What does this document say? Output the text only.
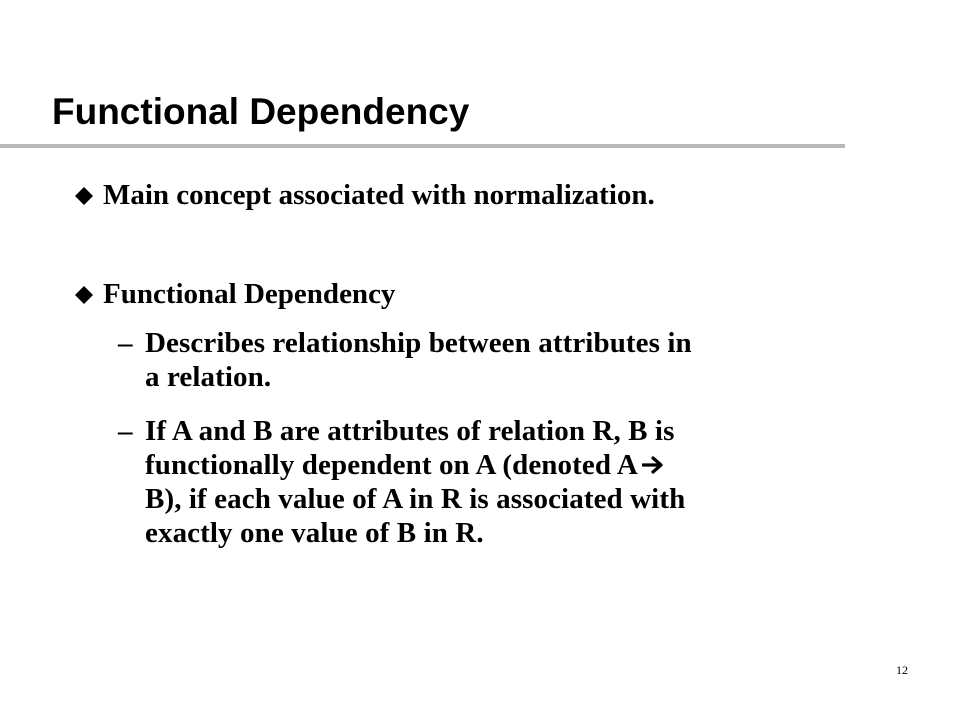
Functional Dependency
Main concept associated with normalization.
Functional Dependency
– Describes relationship between attributes in
a relation.
– If A and B are attributes of relation R, B is
functionally dependent on A (denoted A
B), if each value of A in R is associated with
exactly one value of B in R.
12
